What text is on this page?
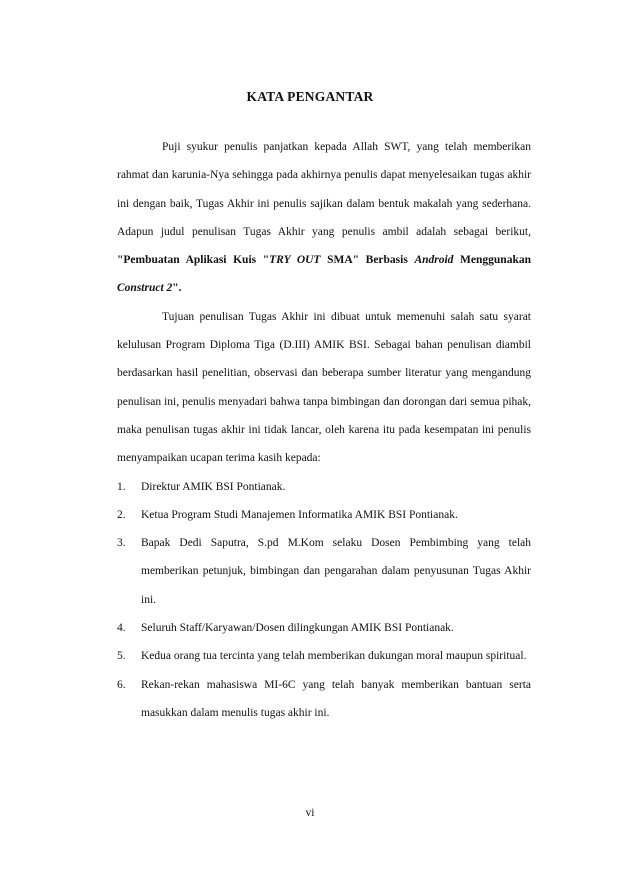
KATA PENGANTAR

Puji syukur penulis panjatkan kepada Allah SWT, yang telah memberikan rahmat dan karunia-Nya sehingga pada akhirnya penulis dapat menyelesaikan tugas akhir ini dengan baik, Tugas Akhir ini penulis sajikan dalam bentuk makalah yang sederhana. Adapun judul penulisan Tugas Akhir yang penulis ambil adalah sebagai berikut, "Pembuatan Aplikasi Kuis "TRY OUT SMA" Berbasis Android Menggunakan Construct 2".

Tujuan penulisan Tugas Akhir ini dibuat untuk memenuhi salah satu syarat kelulusan Program Diploma Tiga (D.III) AMIK BSI. Sebagai bahan penulisan diambil berdasarkan hasil penelitian, observasi dan beberapa sumber literatur yang mengandung penulisan ini, penulis menyadari bahwa tanpa bimbingan dan dorongan dari semua pihak, maka penulisan tugas akhir ini tidak lancar, oleh karena itu pada kesempatan ini penulis menyampaikan ucapan terima kasih kepada:

1. Direktur AMIK BSI Pontianak.
2. Ketua Program Studi Manajemen Informatika AMIK BSI Pontianak.
3. Bapak Dedi Saputra, S.pd M.Kom selaku Dosen Pembimbing yang telah memberikan petunjuk, bimbingan dan pengarahan dalam penyusunan Tugas Akhir ini.
4. Seluruh Staff/Karyawan/Dosen dilingkungan AMIK BSI Pontianak.
5. Kedua orang tua tercinta yang telah memberikan dukungan moral maupun spiritual.
6. Rekan-rekan mahasiswa MI-6C yang telah banyak memberikan bantuan serta masukkan dalam menulis tugas akhir ini.
vi
